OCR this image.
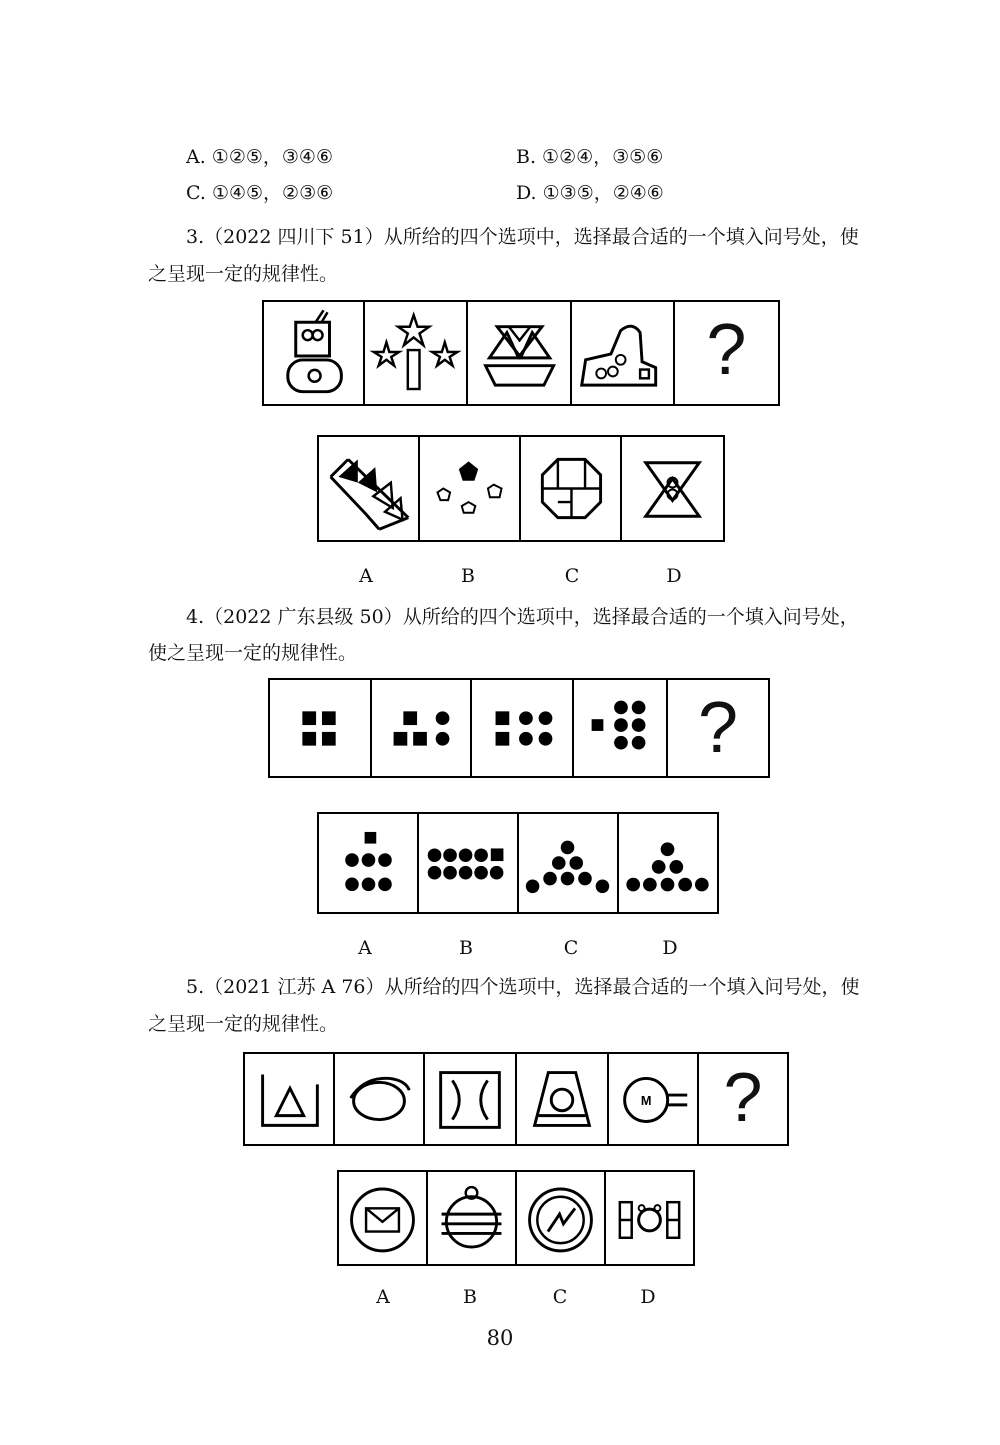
A. ①②⑤，③④⑥	B. ①②④，③⑤⑥
C. ①④⑤，②③⑥	D. ①③⑤，②④⑥
3.（2022 四川下 51）从所给的四个选项中，选择最合适的一个填入问号处，使
之呈现一定的规律性。
?
A	B	C	D
4.（2022 广东县级 50）从所给的四个选项中，选择最合适的一个填入问号处，
使之呈现一定的规律性。
?
A	B	C	D
5.（2021 江苏 A 76）从所给的四个选项中，选择最合适的一个填入问号处，使
之呈现一定的规律性。
M	?
A	B	C	D
80
